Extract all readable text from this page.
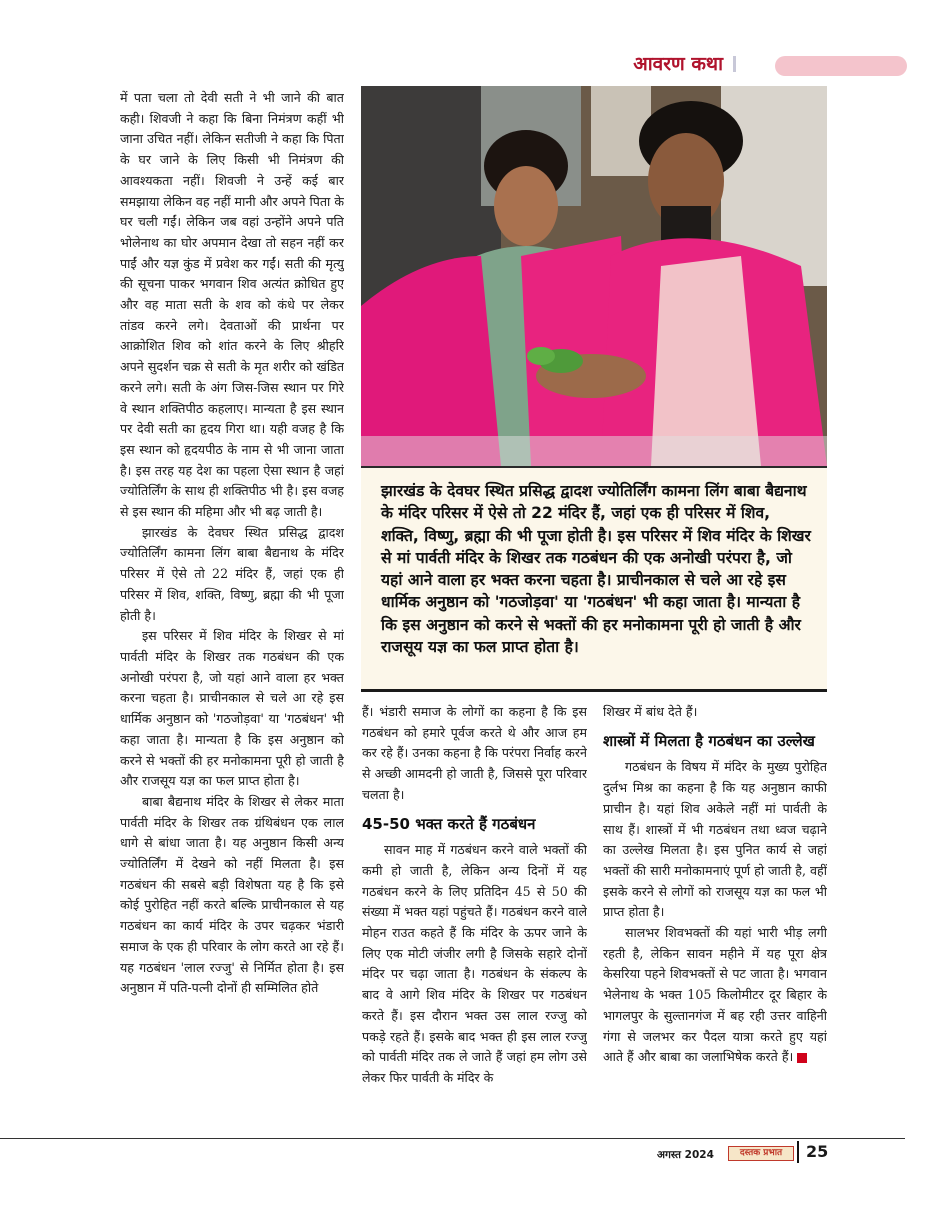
आवरण कथा

में पता चला तो देवी सती ने भी जाने की बात कही। शिवजी ने कहा कि बिना निमंत्रण कहीं भी जाना उचित नहीं। लेकिन सतीजी ने कहा कि पिता के घर जाने के लिए किसी भी निमंत्रण की आवश्यकता नहीं। शिवजी ने उन्हें कई बार समझाया लेकिन वह नहीं मानी और अपने पिता के घर चली गईं। लेकिन जब वहां उन्होंने अपने पति भोलेनाथ का घोर अपमान देखा तो सहन नहीं कर पाईं और यज्ञ कुंड में प्रवेश कर गईं। सती की मृत्यु की सूचना पाकर भगवान शिव अत्यंत क्रोधित हुए और वह माता सती के शव को कंधे पर लेकर तांडव करने लगे। देवताओं की प्रार्थना पर आक्रोशित शिव को शांत करने के लिए श्रीहरि अपने सुदर्शन चक्र से सती के मृत शरीर को खंडित करने लगे। सती के अंग जिस-जिस स्थान पर गिरे वे स्थान शक्तिपीठ कहलाए। मान्यता है इस स्थान पर देवी सती का हृदय गिरा था। यही वजह है कि इस स्थान को हृदयपीठ के नाम से भी जाना जाता है। इस तरह यह देश का पहला ऐसा स्थान है जहां ज्योतिर्लिंग के साथ ही शक्तिपीठ भी है। इस वजह से इस स्थान की महिमा और भी बढ़ जाती है।

झारखंड के देवघर स्थित प्रसिद्ध द्वादश ज्योतिर्लिंग कामना लिंग बाबा बैद्यनाथ के मंदिर परिसर में ऐसे तो 22 मंदिर हैं, जहां एक ही परिसर में शिव, शक्ति, विष्णु, ब्रह्मा की भी पूजा होती है।

इस परिसर में शिव मंदिर के शिखर से मां पार्वती मंदिर के शिखर तक गठबंधन की एक अनोखी परंपरा है, जो यहां आने वाला हर भक्त करना चहता है। प्राचीनकाल से चले आ रहे इस धार्मिक अनुष्ठान को 'गठजोड़वा' या 'गठबंधन' भी कहा जाता है। मान्यता है कि इस अनुष्ठान को करने से भक्तों की हर मनोकामना पूरी हो जाती है और राजसूय यज्ञ का फल प्राप्त होता है।

बाबा बैद्यनाथ मंदिर के शिखर से लेकर माता पार्वती मंदिर के शिखर तक ग्रंथिबंधन एक लाल धागे से बांधा जाता है। यह अनुष्ठान किसी अन्य ज्योतिर्लिंग में देखने को नहीं मिलता है। इस गठबंधन की सबसे बड़ी विशेषता यह है कि इसे कोई पुरोहित नहीं करते बल्कि प्राचीनकाल से यह गठबंधन का कार्य मंदिर के उपर चढ़कर भंडारी समाज के एक ही परिवार के लोग करते आ रहे हैं। यह गठबंधन 'लाल रज्जु' से निर्मित होता है। इस अनुष्ठान में पति-पत्नी दोनों ही सम्मिलित होते

झारखंड के देवघर स्थित प्रसिद्ध द्वादश ज्योतिर्लिंग कामना लिंग बाबा बैद्यनाथ के मंदिर परिसर में ऐसे तो 22 मंदिर हैं, जहां एक ही परिसर में शिव, शक्ति, विष्णु, ब्रह्मा की भी पूजा होती है। इस परिसर में शिव मंदिर के शिखर से मां पार्वती मंदिर के शिखर तक गठबंधन की एक अनोखी परंपरा है, जो यहां आने वाला हर भक्त करना चहता है। प्राचीनकाल से चले आ रहे इस धार्मिक अनुष्ठान को 'गठजोड़वा' या 'गठबंधन' भी कहा जाता है। मान्यता है कि इस अनुष्ठान को करने से भक्तों की हर मनोकामना पूरी हो जाती है और राजसूय यज्ञ का फल प्राप्त होता है।

हैं। भंडारी समाज के लोगों का कहना है कि इस गठबंधन को हमारे पूर्वज करते थे और आज हम कर रहे हैं। उनका कहना है कि परंपरा निर्वाह करने से अच्छी आमदनी हो जाती है, जिससे पूरा परिवार चलता है।

45-50 भक्त करते हैं गठबंधन

सावन माह में गठबंधन करने वाले भक्तों की कमी हो जाती है, लेकिन अन्य दिनों में यह गठबंधन करने के लिए प्रतिदिन 45 से 50 की संख्या में भक्त यहां पहुंचते हैं। गठबंधन करने वाले मोहन राउत कहते हैं कि मंदिर के ऊपर जाने के लिए एक मोटी जंजीर लगी है जिसके सहारे दोनों मंदिर पर चढ़ा जाता है। गठबंधन के संकल्प के बाद वे आगे शिव मंदिर के शिखर पर गठबंधन करते हैं। इस दौरान भक्त उस लाल रज्जु को पकड़े रहते हैं। इसके बाद भक्त ही इस लाल रज्जु को पार्वती मंदिर तक ले जाते हैं जहां हम लोग उसे लेकर फिर पार्वती के मंदिर के

शिखर में बांध देते हैं।

शास्त्रों में मिलता है गठबंधन का उल्लेख

गठबंधन के विषय में मंदिर के मुख्य पुरोहित दुर्लभ मिश्र का कहना है कि यह अनुष्ठान काफी प्राचीन है। यहां शिव अकेले नहीं मां पार्वती के साथ हैं। शास्त्रों में भी गठबंधन तथा ध्वज चढ़ाने का उल्लेख मिलता है। इस पुनित कार्य से जहां भक्तों की सारी मनोकामनाएं पूर्ण हो जाती है, वहीं इसके करने से लोगों को राजसूय यज्ञ का फल भी प्राप्त होता है।

सालभर शिवभक्तों की यहां भारी भीड़ लगी रहती है, लेकिन सावन महीने में यह पूरा क्षेत्र केसरिया पहने शिवभक्तों से पट जाता है। भगवान भेलेनाथ के भक्त 105 किलोमीटर दूर बिहार के भागलपुर के सुल्तानगंज में बह रही उत्तर वाहिनी गंगा से जलभर कर पैदल यात्रा करते हुए यहां आते हैं और बाबा का जलाभिषेक करते हैं।

अगस्त 2024	दस्तक प्रभात	25
